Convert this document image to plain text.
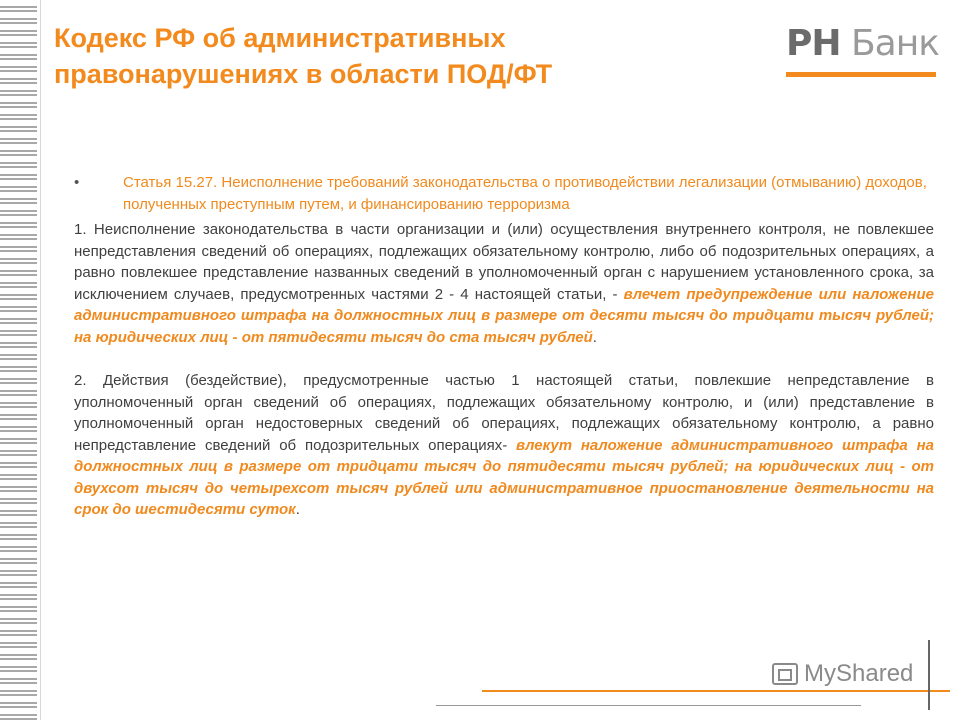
Кодекс РФ об административных
правонарушениях в области ПОД/ФТ
РН Банк
•	Статья 15.27. Неисполнение требований законодательства о противодействии легализации (отмыванию) доходов, полученных преступным путем, и финансированию терроризма

1. Неисполнение законодательства в части организации и (или) осуществления внутреннего контроля, не повлекшее непредставления сведений об операциях, подлежащих обязательному контролю, либо об подозрительных операциях, а равно повлекшее представление названных сведений в уполномоченный орган с нарушением установленного срока, за исключением случаев, предусмотренных частями 2 - 4 настоящей статьи, - влечет предупреждение или наложение административного штрафа на должностных лиц в размере от десяти тысяч до тридцати тысяч рублей; на юридических лиц - от пятидесяти тысяч до ста тысяч рублей.

2. Действия (бездействие), предусмотренные частью 1 настоящей статьи, повлекшие непредставление в уполномоченный орган сведений об операциях, подлежащих обязательному контролю, и (или) представление в уполномоченный орган недостоверных сведений об операциях, подлежащих обязательному контролю, а равно непредставление сведений об подозрительных операциях- влекут наложение административного штрафа на должностных лиц в размере от тридцати тысяч до пятидесяти тысяч рублей; на юридических лиц - от двухсот тысяч до четырехсот тысяч рублей или административное приостановление деятельности на срок до шестидесяти суток.

MyShared
